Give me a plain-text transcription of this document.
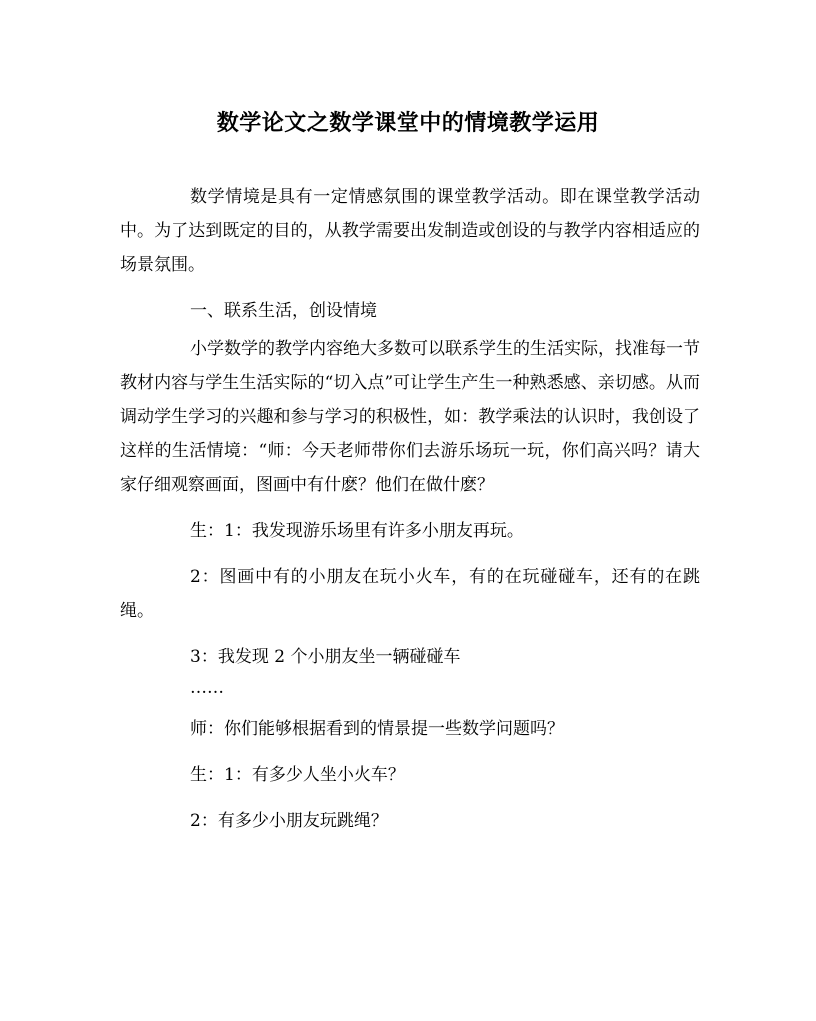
数学论文之数学课堂中的情境教学运用

数学情境是具有一定情感氛围的课堂教学活动。即在课堂教学活动中。为了达到既定的目的，从教学需要出发制造或创设的与教学内容相适应的场景氛围。

一、联系生活，创设情境

小学数学的教学内容绝大多数可以联系学生的生活实际，找准每一节教材内容与学生生活实际的“切入点”可让学生产生一种熟悉感、亲切感。从而调动学生学习的兴趣和参与学习的积极性，如：教学乘法的认识时，我创设了这样的生活情境：“师：今天老师带你们去游乐场玩一玩，你们高兴吗？请大家仔细观察画面，图画中有什麽？他们在做什麽？

生：1：我发现游乐场里有许多小朋友再玩。

2：图画中有的小朋友在玩小火车，有的在玩碰碰车，还有的在跳绳。

3：我发现 2 个小朋友坐一辆碰碰车

……

师：你们能够根据看到的情景提一些数学问题吗？

生：1：有多少人坐小火车？

2：有多少小朋友玩跳绳？
